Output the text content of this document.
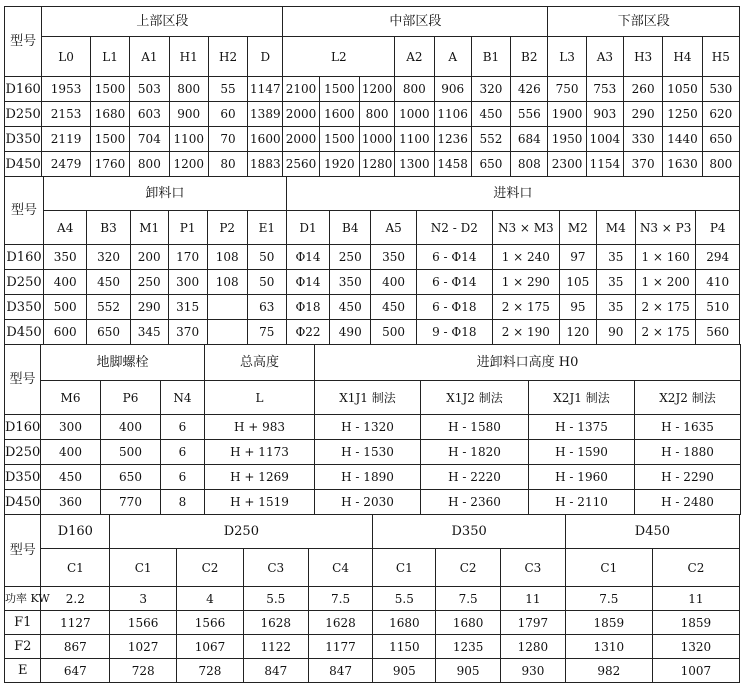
型号	上部区段						中部区段							下部区段				
	L0	L1	A1	H1	H2	D	L2			A2	A	B1	B2	L3	A3	H3	H4	H5
D160	1953	1500	503	800	55	1147	2100	1500	1200	800	906	320	426	750	753	260	1050	530
D250	2153	1680	603	900	60	1389	2000	1600	800	1000	1106	450	556	1900	903	290	1250	620
D350	2119	1500	704	1100	70	1600	2000	1500	1000	1100	1236	552	684	1950	1004	330	1440	650
D450	2479	1760	800	1200	80	1883	2560	1920	1280	1300	1458	650	808	2300	1154	370	1630	800
型号	卸料口						进料口								
	A4	B3	M1	P1	P2	E1	D1	B4	A5	N2 - D2	N3 × M3	M2	M4	N3 × P3	P4
D160	350	320	200	170	108	50	Φ14	250	350	6 - Φ14	1 × 240	97	35	1 × 160	294
D250	400	450	250	300	108	50	Φ14	350	400	6 - Φ14	1 × 290	105	35	1 × 200	410
D350	500	552	290	315		63	Φ18	450	450	6 - Φ18	2 × 175	95	35	2 × 175	510
D450	600	650	345	370		75	Φ22	490	500	9 - Φ18	2 × 190	120	90	2 × 175	560
型号	地脚螺栓			总高度	进卸料口高度 H0			
	M6	P6	N4	L	X1J1 制法	X1J2 制法	X2J1 制法	X2J2 制法
D160	300	400	6	H + 983	H - 1320	H - 1580	H - 1375	H - 1635
D250	400	500	6	H + 1173	H - 1530	H - 1820	H - 1590	H - 1880
D350	450	650	6	H + 1269	H - 1890	H - 2220	H - 1960	H - 2290
D450	360	770	8	H + 1519	H - 2030	H - 2360	H - 2110	H - 2480
型号	D160	D250				D350			D450	
	C1	C1	C2	C3	C4	C1	C2	C3	C1	C2
功率 KW	2.2	3	4	5.5	7.5	5.5	7.5	11	7.5	11
F1	1127	1566	1566	1628	1628	1680	1680	1797	1859	1859
F2	867	1027	1067	1122	1177	1150	1235	1280	1310	1320
E	647	728	728	847	847	905	905	930	982	1007
